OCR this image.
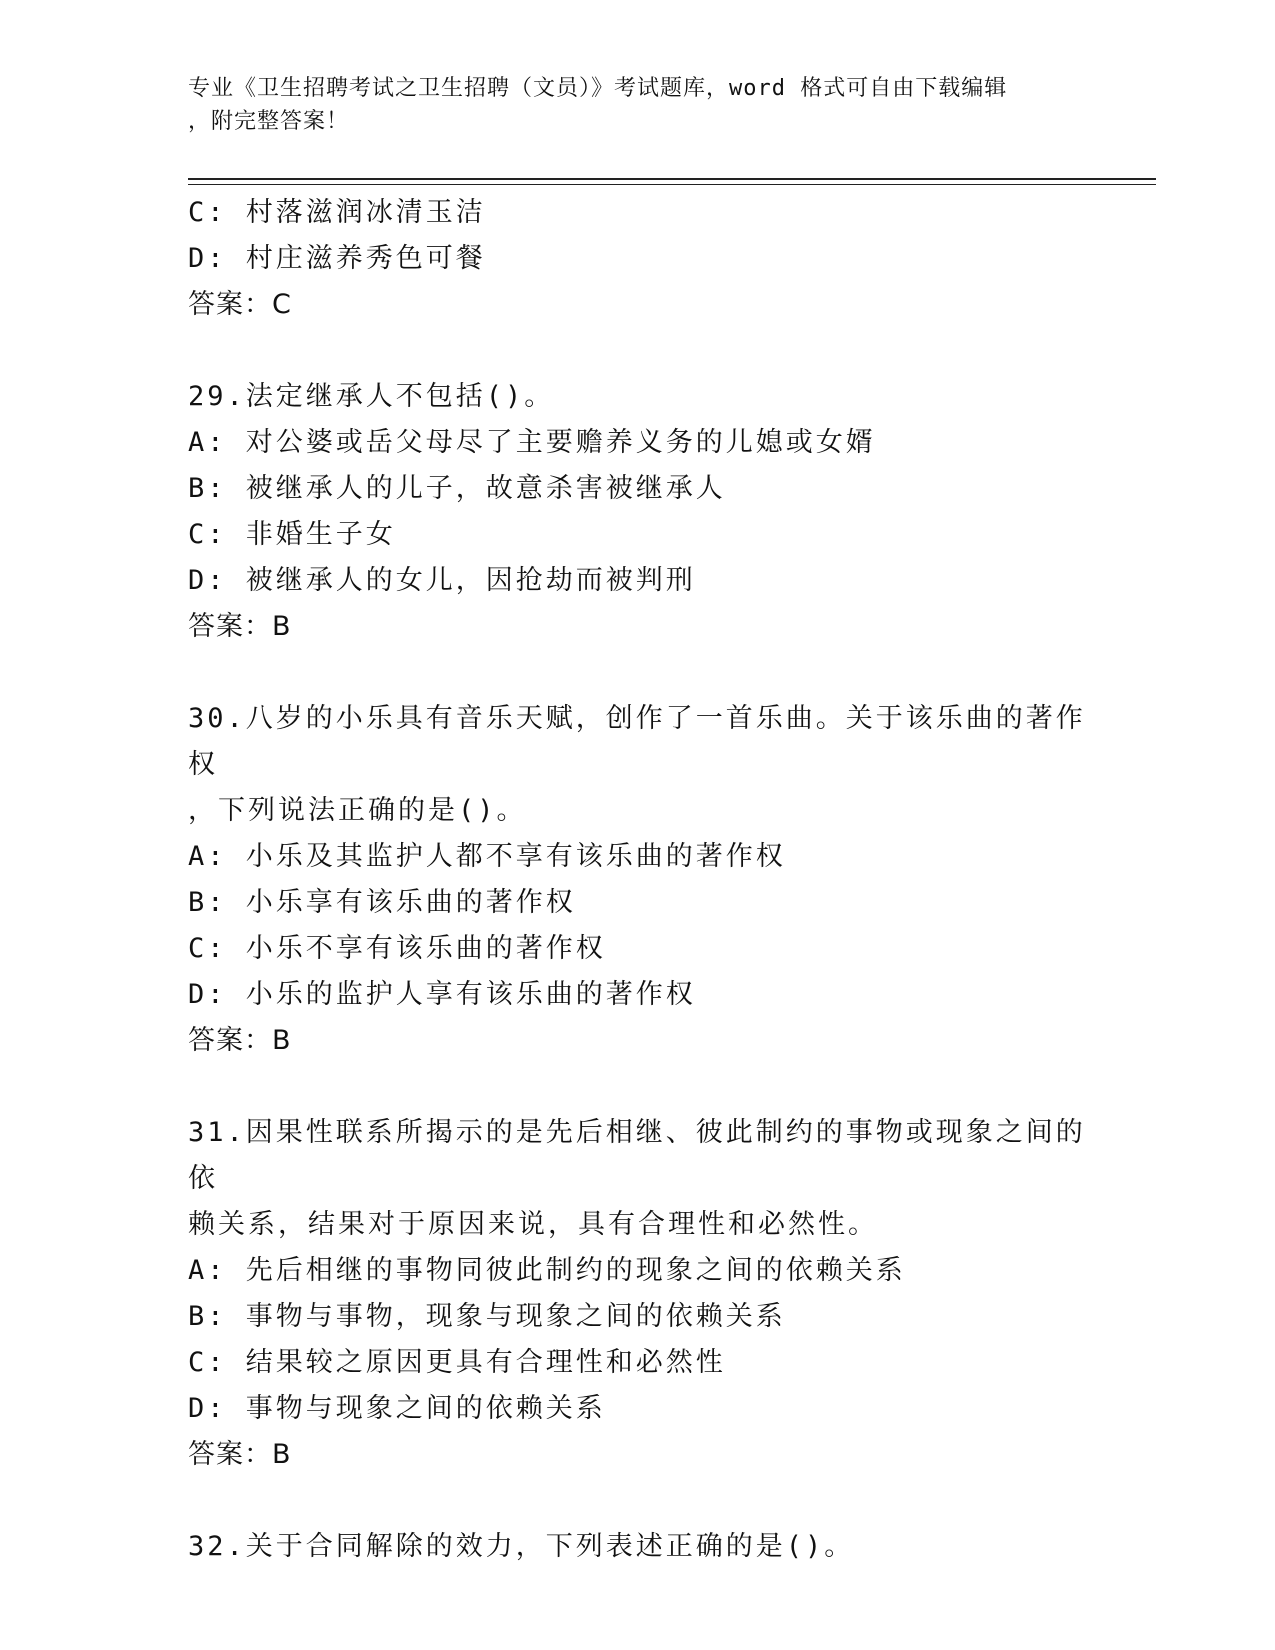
专业《卫生招聘考试之卫生招聘（文员）》考试题库，word 格式可自由下载编辑
，附完整答案！
C: 村落滋润冰清玉洁
D: 村庄滋养秀色可餐
答案：C
29.法定继承人不包括()。
A: 对公婆或岳父母尽了主要赡养义务的儿媳或女婿
B: 被继承人的儿子，故意杀害被继承人
C: 非婚生子女
D: 被继承人的女儿，因抢劫而被判刑
答案：B
30.八岁的小乐具有音乐天赋，创作了一首乐曲。关于该乐曲的著作权
，下列说法正确的是()。
A: 小乐及其监护人都不享有该乐曲的著作权
B: 小乐享有该乐曲的著作权
C: 小乐不享有该乐曲的著作权
D: 小乐的监护人享有该乐曲的著作权
答案：B
31.因果性联系所揭示的是先后相继、彼此制约的事物或现象之间的依
赖关系，结果对于原因来说，具有合理性和必然性。
A: 先后相继的事物同彼此制约的现象之间的依赖关系
B: 事物与事物，现象与现象之间的依赖关系
C: 结果较之原因更具有合理性和必然性
D: 事物与现象之间的依赖关系
答案：B
32.关于合同解除的效力，下列表述正确的是()。
